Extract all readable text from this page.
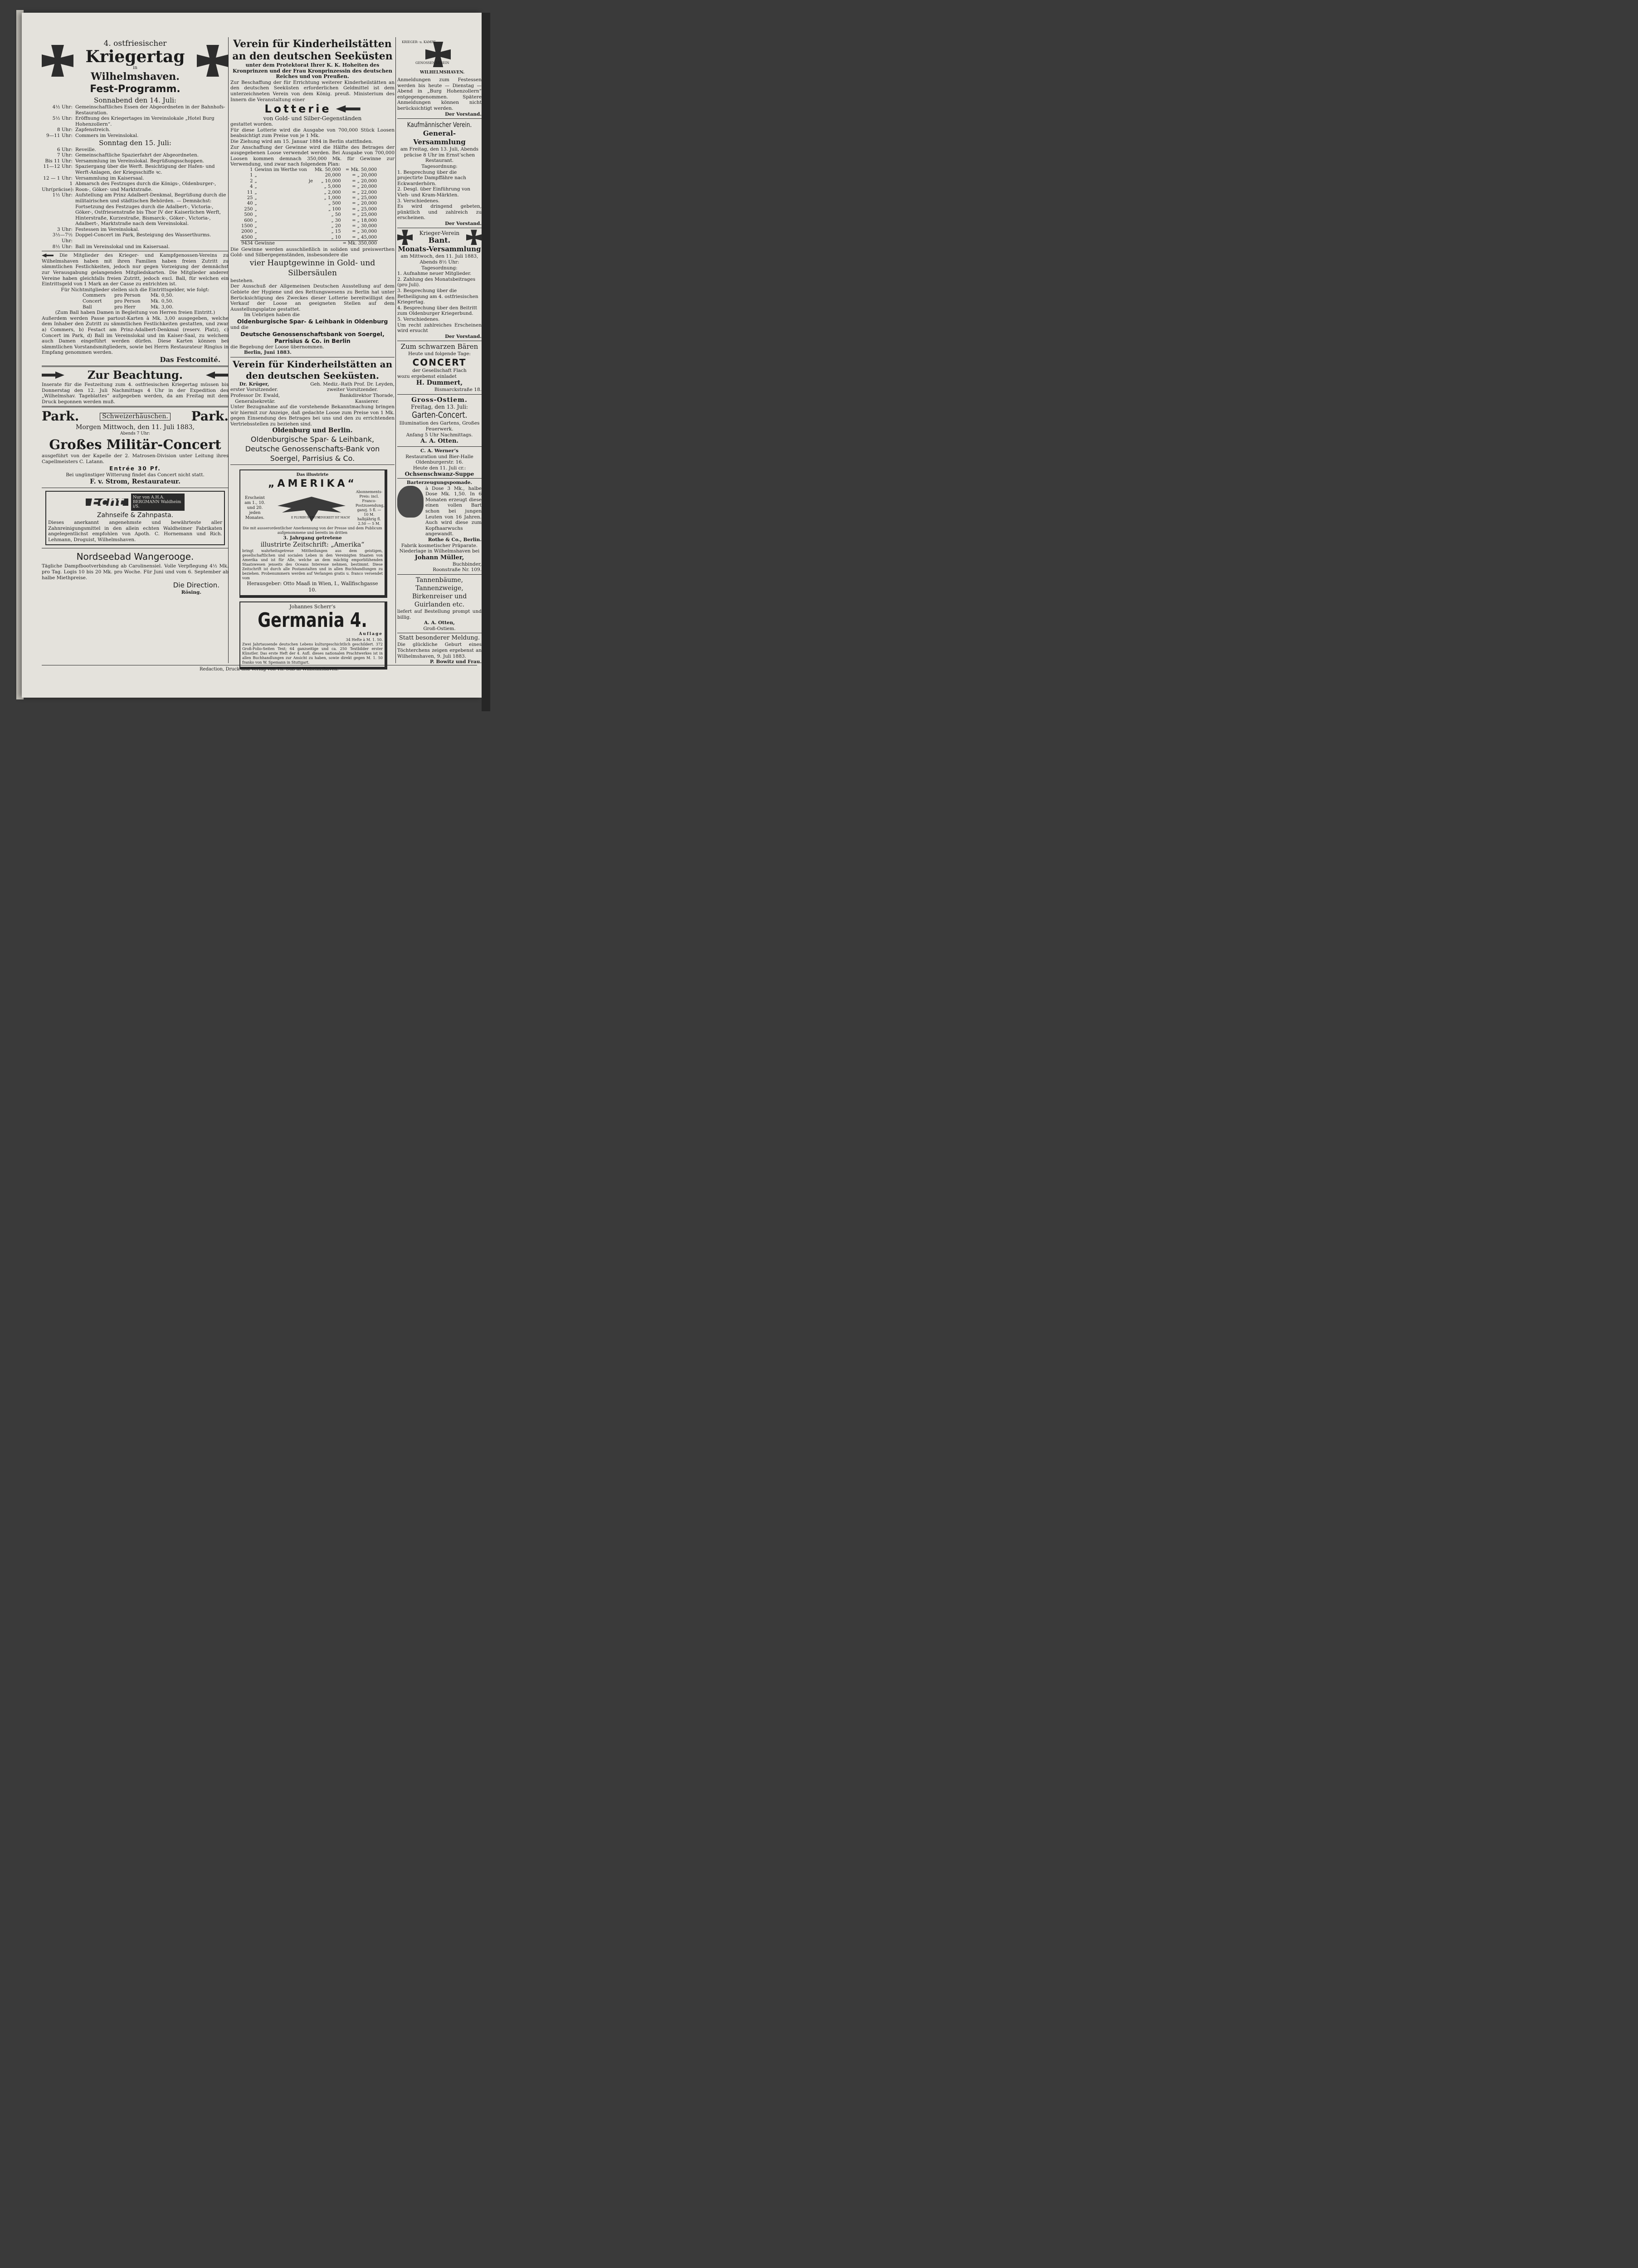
4. ostfriesischer

Kriegertag

in

Wilhelmshaven.

Fest-Programm.

Sonnabend den 14. Juli:

4½ Uhr: Gemeinschaftliches Essen der Abgeordneten in der Bahnhofs-Restauration.
5½ Uhr: Eröffnung des Kriegertages im Vereinslokale „Hotel Burg Hohenzollern“.
8 Uhr: Zapfenstreich.
9—11 Uhr: Commers im Vereinslokal.

Sonntag den 15. Juli:

6 Uhr: Reveille.
7 Uhr: Gemeinschaftliche Spazierfahrt der Abgeordneten.
Bis 11 Uhr: Versammlung im Vereinslokal. Begrüßungsschoppen.
11—12 Uhr: Spaziergang über die Werft. Besichtigung der Hafen- und Werft-Anlagen, der Kriegsschiffe ꝛc.
12 — 1 Uhr: Versammlung im Kaisersaal.
1 Uhr(präcise):
Abmarsch des Festzuges durch die Königs-, Oldenburger-, Roon-, Göker- und Marktstraße.
1½ Uhr: Aufstellung am Prinz Adalbert-Denkmal, Begrüßung durch die militairischen und städtischen Behörden. — Demnächst: Fortsetzung des Festzuges durch die Adalbert-, Victoria-, Göker-, Ostfriesenstraße bis Thor IV der Kaiserlichen Werft, Hinterstraße, Kurzestraße, Bismarck-, Göker-, Victoria-, Adalbert-, Marktstraße nach dem Vereinslokal.
3 Uhr: Festessen im Vereinslokal.
3½—7½ Uhr:
Doppel-Concert im Park, Besteigung des Wasserthurms.
8½ Uhr: Ball im Vereinslokal und im Kaisersaal.

Die Mitglieder des Krieger- und Kampfgenossen-Vereins zu Wilhelmshaven haben mit ihren Familien haben freien Zutritt zu sämmtlichen Festlichkeiten, jedoch nur gegen Vorzeigung der demnächst zur Verausgabung gelangenden Mitgliedskarten. Die Mitglieder anderer Vereine haben gleichfalls freien Zutritt, jedoch excl. Ball, für welchen ein Eintrittsgeld von 1 Mark an der Casse zu entrichten ist.

Für Nichtmitglieder stellen sich die Eintrittsgelder, wie folgt:

Commers	pro Person	Mk. 0,50.
Concert	pro Person	Mk. 0,50.
Ball	pro Herr	Mk. 3,00.

(Zum Ball haben Damen in Begleitung von Herren freien Eintritt.)

Außerdem werden Passe partout-Karten à Mk. 3,00 ausgegeben, welche dem Inhaber den Zutritt zu sämmtlichen Festlichkeiten gestatten, und zwar a) Commers, b) Festact am Prinz-Adalbert-Denkmal (reserv. Platz), c) Concert im Park, d) Ball im Vereinslokal und im Kaiser-Saal, zu welchem auch Damen eingeführt werden dürfen. Diese Karten können bei sämmtlichen Vorstandsmitgliedern, sowie bei Herrn Restaurateur Ringius in Empfang genommen werden.

Das Festcomité.

Zur Beachtung.

Inserate für die Festzeitung zum 4. ostfriesischen Kriegertag müssen bis Donnerstag den 12. Juli Nachmittags 4 Uhr in der Expedition des „Wilhelmshav. Tageblattes“ aufgegeben werden, da am Freitag mit dem Druck begonnen werden muß.

Park.	Schweizerhäuschen. Park.

Morgen Mittwoch, den 11. Juli 1883,

Abends 7 Uhr:

Großes Militär-Concert

ausgeführt von der Kapelle der 2. Matrosen-Division unter Leitung ihres Capellmeisters C. Latann.

Entrée 30 Pf.

Bei ungünstiger Witterung findet das Concert nicht statt.

F. v. Strom, Restaurateur.

Echt	Nur von A.H.A. BERGMANN Waldheim i/S.

Zahnseife & Zahnpasta.

Dieses anerkannt angenehmste und bewährteste aller Zahnreinigungsmittel in den allein echten Waldheimer Fabrikaten angelegentlichst empfohlen von Apoth. C. Hornemann und Rich. Lehmann, Droguist, Wilhelmshaven.

Nordseebad Wangerooge.

Tägliche Dampfbootverbindung ab Carolinensiel. Volle Verpflegung 4½ Mk. pro Tag. Logis 10 bis 20 Mk. pro Woche. Für Juni und vom 6. September ab halbe Miethpreise.

Die Direction.

Rösing.

Verein für Kinderheilstätten an den deutschen Seeküsten

unter dem Protektorat Ihrer K. K. Hoheiten des Kronprinzen und der Frau Kronprinzessin des deutschen Reiches und von Preußen.

Zur Beschaffung der für Errichtung weiterer Kinderheilstätten an den deutschen Seeküsten erforderlichen Geldmittel ist dem unterzeichneten Verein von dem König. preuß. Ministerium des Innern die Veranstaltung einer

Lotterie

von Gold- und Silber-Gegenständen

gestattet worden.

Für diese Lotterie wird die Ausgabe von 700,000 Stück Loosen beabsichtigt zum Preise von je 1 Mk.

Die Ziehung wird am 15. Januar 1884 in Berlin stattfinden.

Zur Anschaffung der Gewinne wird die Hälfte des Betrages der ausgegebenen Loose verwendet werden. Bei Ausgabe von 700,000 Loosen kommen demnach 350,000 Mk. für Gewinne zur Verwendung, und zwar nach folgendem Plan:

1	Gewinn im Werthe von		Mk. 50,000	= Mk. 50,000
1	„		20,000	= „ 20,000
2	„	je	„ 10,000	= „ 20,000
4	„		„ 5,000	= „ 20,000
11	„		„ 2,000	= „ 22,000
25	„		„ 1,000	= „ 25,000
40	„		„ 500	= „ 20,000
250	„		„ 100	= „ 25,000
500	„		„ 50	= „ 25,000
600	„		„ 30	= „ 18,000
1500	„		„ 20	= „ 30,000
2000	„		„ 15	= „ 30,000
4500	„		„ 10	= „ 45,000
9434	Gewinne			= Mk. 350,000

Die Gewinne werden ausschließlich in soliden und preiswerthen Gold- und Silbergegenständen, insbesondere die

vier Hauptgewinne in Gold- und Silbersäulen

bestehen.

Der Ausschuß der Allgemeinen Deutschen Ausstellung auf dem Gebiete der Hygiene und des Rettungswesens zu Berlin hat unter Berücksichtigung des Zweckes dieser Lotterie bereitwilligst den Verkauf der Loose an geeigneten Stellen auf dem Ausstellungsplatze gestattet.

Im Uebrigen haben die

Oldenburgische Spar- & Leihbank in Oldenburg

und die

Deutsche Genossenschaftsbank von Soergel, Parrisius & Co. in Berlin

die Begebung der Loose übernommen.

Berlin, Juni 1883.

Verein für Kinderheilstätten an den deutschen Seeküsten.

Dr. Krüger,

erster Vorsitzender.

Geh. Mediz.-Rath Prof. Dr. Leyden,

zweiter Vorsitzender.

Professor Dr. Ewald,

Generalsekretär.

Bankdirektor Thorade,

Kassierer.

Unter Bezugnahme auf die vorstehende Bekanntmachung bringen wir hiermit zur Anzeige, daß gedachte Loose zum Preise von 1 Mk. gegen Einsendung des Betrages bei uns und den zu errichtenden Vertriebsstellen zu beziehen sind.

Oldenburg und Berlin.

Oldenburgische Spar- & Leihbank,

Deutsche Genossenschafts-Bank von

Soergel, Parrisius & Co.

Das illustrirte

„AMERIKA“

Erscheint am 1., 10. und 20. jeden Monates.	E PLURIBUS UNUM
EINIGKEIT IST MACHT

Abonnements-Preis: incl. Franco-Postzusendung, ganzj. 5 fl. — 10 M. halbjährig fl. 2.50 — 5 M.

Die mit ausserordentlicher Anerkennung von der Presse und dem Publicum aufgenommene und bereits im dritten

3. Jahrgang getretene

illustrirte Zeitschrift: „Amerika“

bringt wahrheitsgetreue Mittheilungen aus dem geistigen, gesellschaftlichen und socialen Leben in den Vereinigten Staaten von Amerika und ist für Alle, welche an dem mächtig emporblühenden Staatswesen jenseits des Oceans Interesse nehmen, bestimmt. Diese Zeitschrift ist durch alle Postanstalten und in allen Buchhandlungen zu beziehen. Probenummern werden auf Verlangen gratis u. franco versendet vom

Herausgeber: Otto Maaß in Wien, I., Wallfischgasse 10.

Johannes Scherr’s

Germania 4.

Auflage

34 Hefte à M. 1. 50.

Zwei Jahrtausende deutschen Lebens kulturgeschichtlich geschildert. 372 Groß-Folio-Seiten Text; 64 ganzseitige und ca. 250 Textbilder erster Künstler. Das erste Heft der 4. Aufl. dieses nationalen Prachtwerkes ist in allen Buchhandlungen zur Ansicht zu haben, sowie direkt gegen M. 1. 50 franko von W. Spemann in Stuttgart.

KRIEGER- u. KAMPF-

GENOSSEN-VEREIN

WILHELMSHAVEN.

Anmeldungen zum Festessen werden bis heute — Dienstag — Abend in „Burg Hohenzollern“ entgegengenommen. Spätere Anmeldungen können nicht berücksichtigt werden.

Der Vorstand.

Kaufmännischer Verein.

General-Versammlung

am Freitag, den 13. Juli, Abends präcise 8 Uhr im Ernst’schen Restaurant.

Tagesordnung:

1. Besprechung über die projectirte Dampffähre nach Eckwarderhörn.

2. Desgl. über Einführung von Vieh- und Kram-Märkten.

3. Verschiedenes.

Es wird dringend gebeten, pünktlich und zahlreich zu erscheinen.

Der Vorstand.

Krieger-Verein

Bant.

Monats-Versammlung

am Mittwoch, den 11. Juli 1883, Abends 8½ Uhr:

Tagesordnung:

1. Aufnahme neuer Mitglieder.

2. Zahlung des Monatsbeitrages (pro Juli).

3. Besprechung über die Betheiligung am 4. ostfriesischen Kriegertag.

4. Besprechung über den Beitritt zum Oldenburger Kriegerbund.

5. Verschiedenes.

Um recht zahlreiches Erscheinen wird ersucht

Der Vorstand.

Zum schwarzen Bären

Heute und folgende Tage:

CONCERT

der Gesellschaft Flach

wozu ergebenst einladet

H. Dummert,

Bismarckstraße 18.

Gross-Ostiem.

Freitag, den 13. Juli:

Garten-Concert.

Illumination des Gartens, Großes Feuerwerk.

Anfang 5 Uhr Nachmittags.

A. A. Otten.

C. A. Werner’s

Restauration und Bier-Halle

Oldenburgerstr. 16.

Heute den 11. Juli cr.:

Ochsenschwanz-Suppe

Barterzeugungspomade.

à Dose 3 Mk., halbe Dose Mk. 1,50. In 6 Monaten erzeugt diese einen vollen Bart schon bei jungen Leuten von 16 Jahren. Auch wird diese zum Kopfhaarwuchs angewandt.

Rothe & Co., Berlin.

Fabrik kosmetischer Präparate.

Niederlage in Wilhelmshaven bei

Johann Müller,

Buchbinder,

Roonstraße Nr. 109.

Tannenbäume, Tannenzweige, Birkenreiser und Guirlanden etc.

liefert auf Bestellung prompt und billig.

A. A. Otten,

Groß-Ostiem.

Statt besonderer Meldung.

Die glückliche Geburt eines Töchterchens zeigen ergebenst an Wilhelmshaven, 9. Juli 1883.

P. Bowitz und Frau.

Redaction, Druck und Verlag von Th. Süß in Wilhelmshaven.
